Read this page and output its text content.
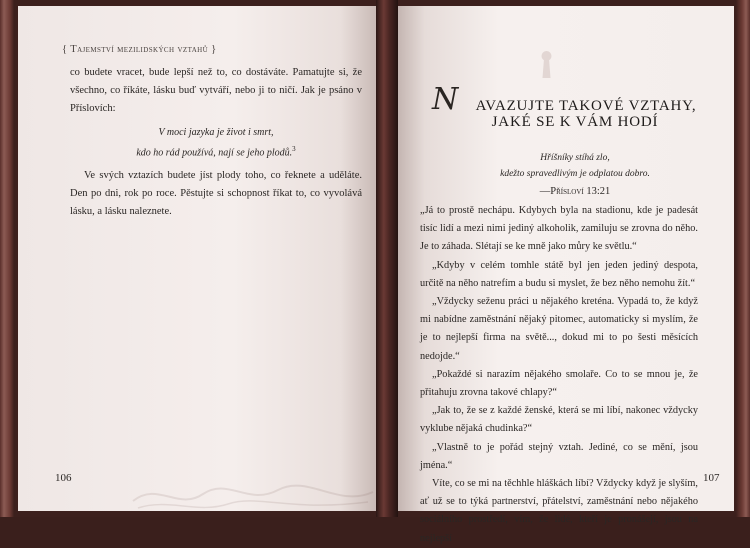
{ Tajemství mezilidských vztahů }

co budete vracet, bude lepší než to, co dostáváte. Pamatujte si, že všechno, co říkáte, lásku buď vytváří, nebo ji to ničí. Jak je psáno v Příslovích:

V moci jazyka je život i smrt,
kdo ho rád používá, nají se jeho plodů.$^3$

Ve svých vztazích budete jíst plody toho, co řeknete a uděláte. Den po dni, rok po roce. Pěstujte si schopnost říkat to, co vyvolává lásku, a lásku naleznete.

106
N	AVAZUJTE TAKOVÉ VZTAHY,
JAKÉ SE K VÁM HODÍ
Hříšníky stíhá zlo,
kdežto spravedlivým je odplatou dobro.
—Přísloví 13:21

„Já to prostě nechápu. Kdybych byla na stadionu, kde je padesát tisíc lidí a mezi nimi jediný alkoholik, zamiluju se zrovna do něho. Je to záhada. Slétají se ke mně jako můry ke světlu.“

„Kdyby v celém tomhle státě byl jen jeden jediný despota, určitě na něho natrefím a budu si myslet, že bez něho nemohu žít.“

„Vždycky seženu práci u nějakého kreténa. Vypadá to, že když mi nabídne zaměstnání nějaký pitomec, automaticky si myslím, že je to nejlepší firma na světě..., dokud mi to po šesti měsících nedojde.“

„Pokaždé si narazím nějakého smolaře. Co to se mnou je, že přitahuju zrovna takové chlapy?“

„Jak to, že se z každé ženské, která se mi líbí, nakonec vždycky vyklube nějaká chudinka?“

„Vlastně to je pořád stejný vztah. Jediné, co se mění, jsou jména.“

Víte, co se mi na těchhle hláškách líbí? Vždycky když je slyším, ať už se to týká partnerství, přátelství, zaměstnání nebo nějakého sociálního prostředí, vím, že lidé, kteří je pronášejí, jsou na nejlepší

107
